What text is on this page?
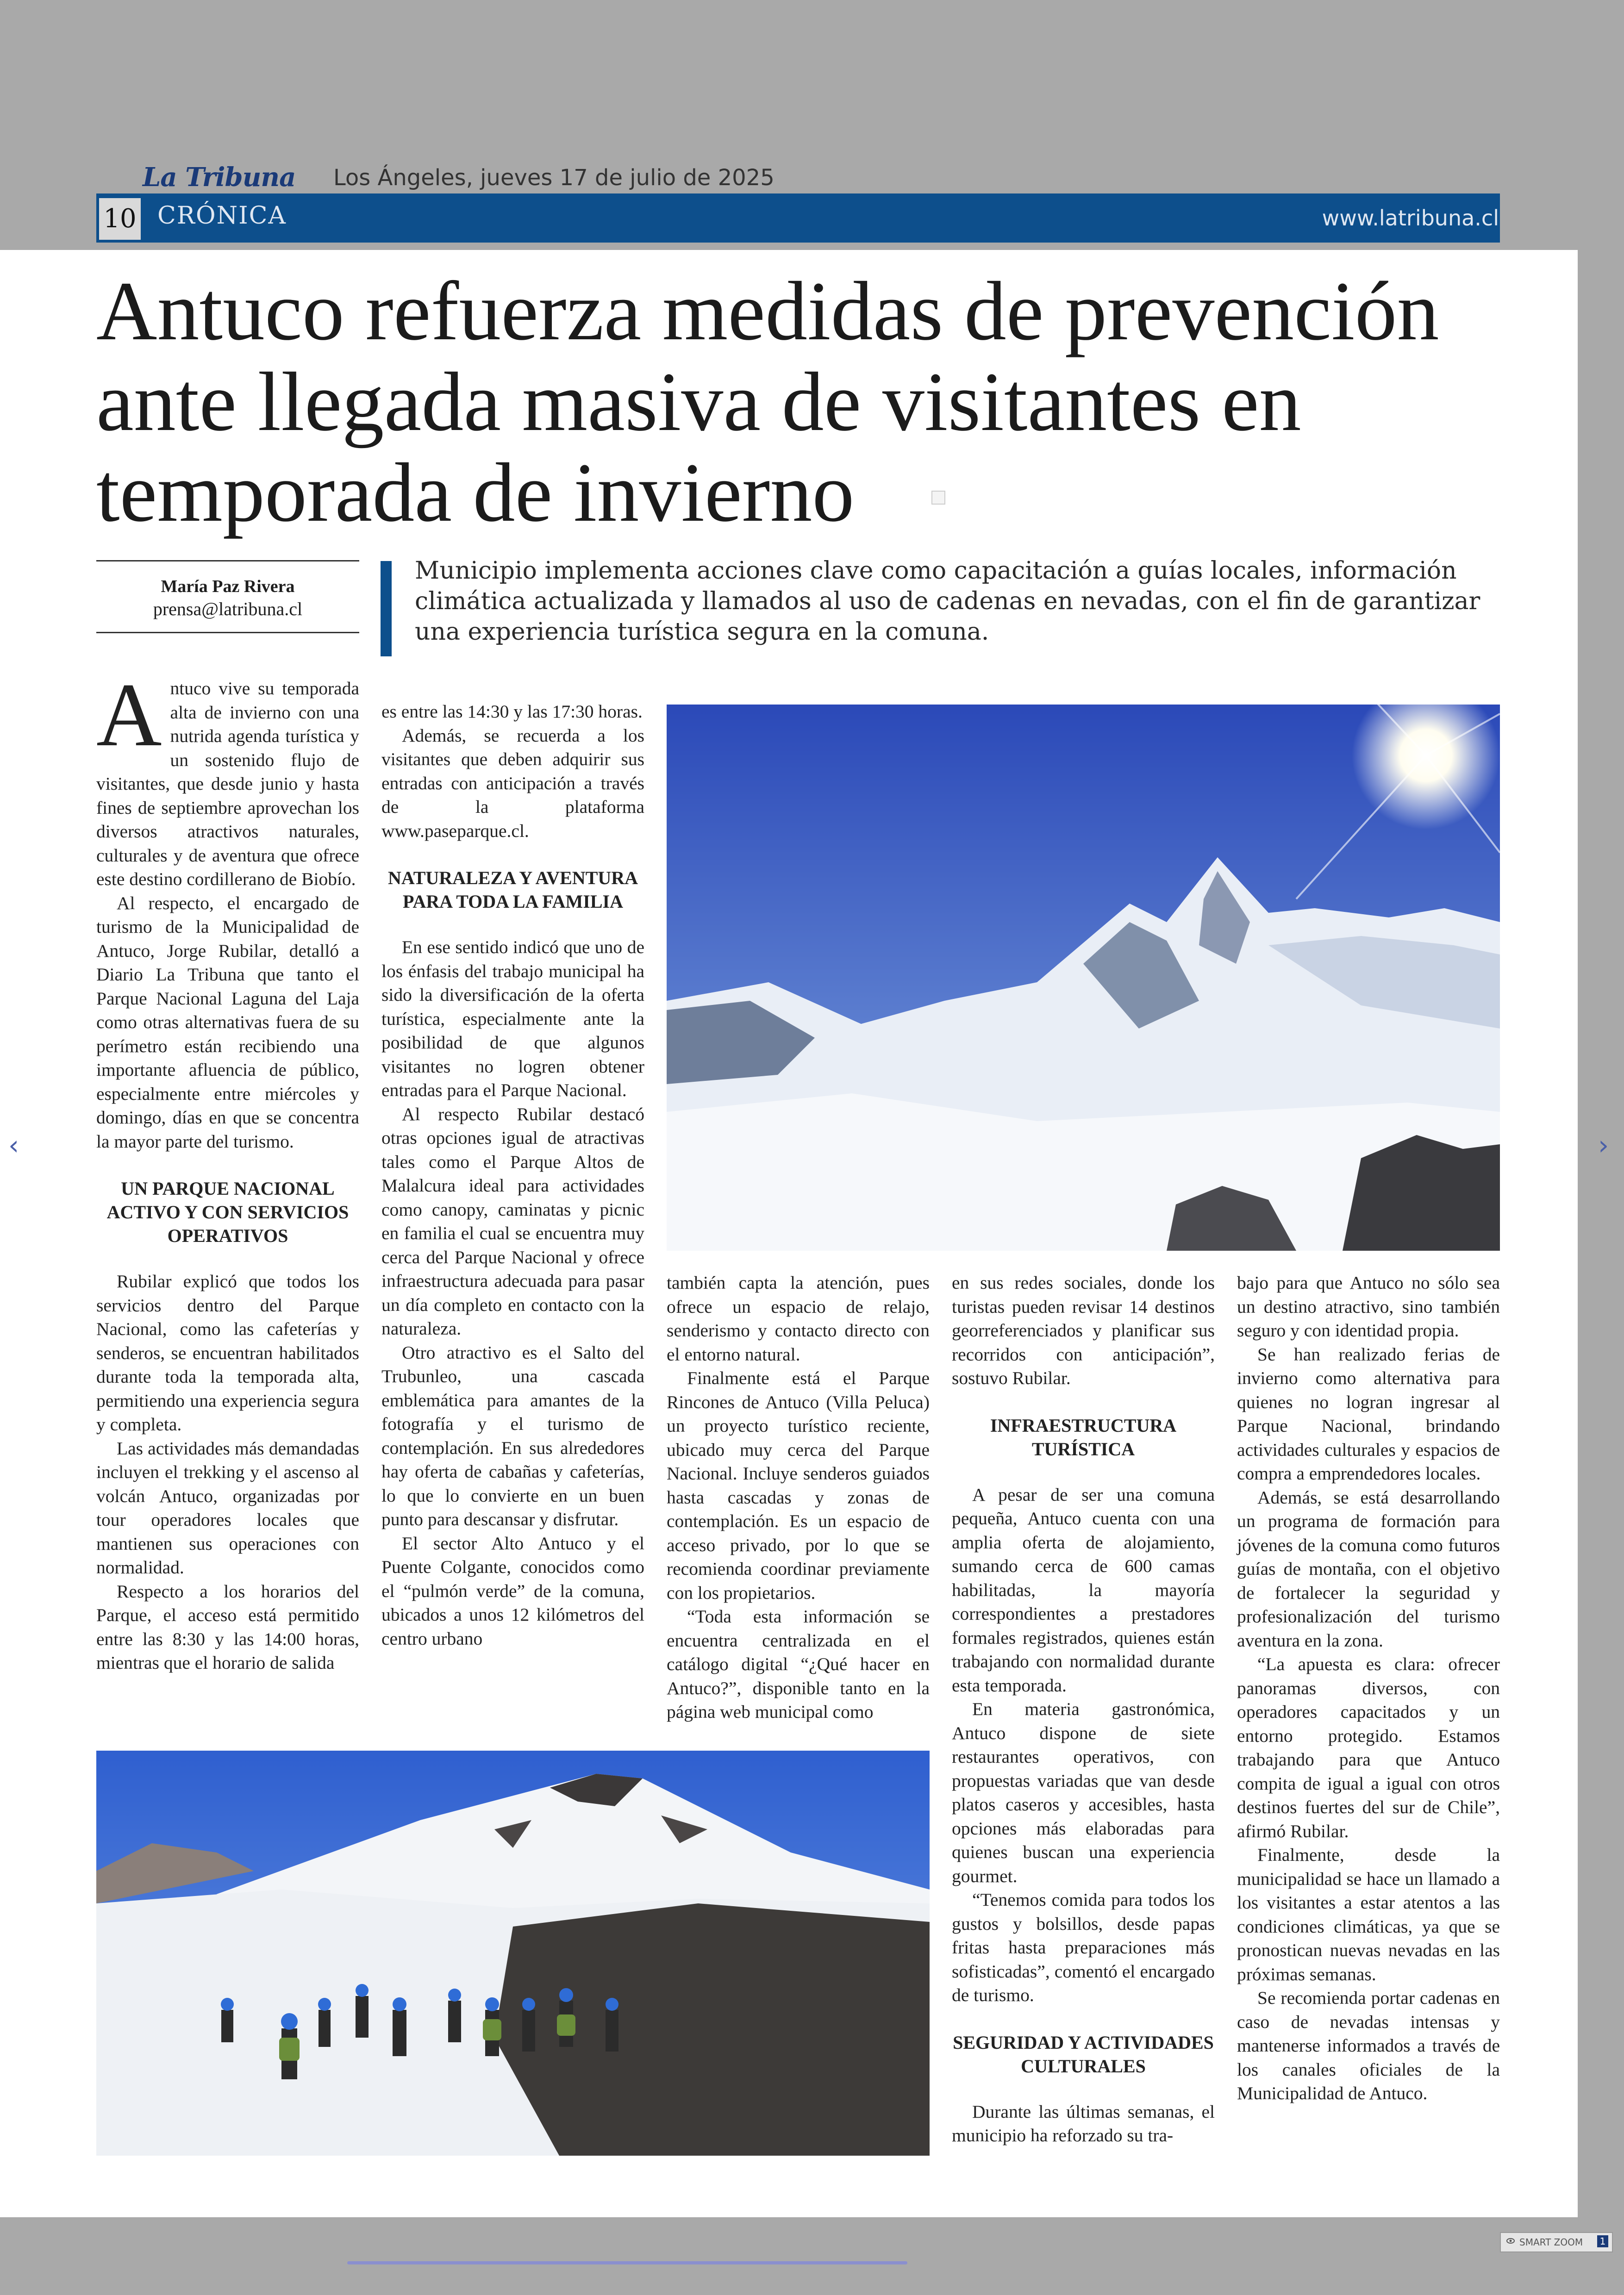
La Tribuna Los Ángeles, jueves 17 de julio de 2025
10 CRÓNICA	www.latribuna.cl
Antuco refuerza medidas de prevención ante llegada masiva de visitantes en temporada de invierno
María Paz Rivera
prensa@latribuna.cl
Municipio implementa acciones clave como capacitación a guías locales, información climática actualizada y llamados al uso de cadenas en nevadas, con el fin de garantizar una experiencia turística segura en la comuna.

Antuco vive su temporada alta de invierno con una nutrida agenda turística y un sostenido flujo de visitantes, que desde junio y hasta fines de septiembre aprovechan los diversos atractivos naturales, culturales y de aventura que ofrece este destino cordillerano de Biobío.

Al respecto, el encargado de turismo de la Municipalidad de Antuco, Jorge Rubilar, detalló a Diario La Tribuna que tanto el Parque Nacional Laguna del Laja como otras alternativas fuera de su perímetro están recibiendo una importante afluencia de público, especialmente entre miércoles y domingo, días en que se concentra la mayor parte del turismo.

UN PARQUE NACIONAL ACTIVO Y CON SERVICIOS OPERATIVOS

Rubilar explicó que todos los servicios dentro del Parque Nacional, como las cafeterías y senderos, se encuentran habilitados durante toda la temporada alta, permitiendo una experiencia segura y completa.

Las actividades más demandadas incluyen el trekking y el ascenso al volcán Antuco, organizadas por tour operadores locales que mantienen sus operaciones con normalidad.

Respecto a los horarios del Parque, el acceso está permitido entre las 8:30 y las 14:00 horas, mientras que el horario de salida

es entre las 14:30 y las 17:30 horas.

Además, se recuerda a los visitantes que deben adquirir sus entradas con anticipación a través de la plataforma www.paseparque.cl.

NATURALEZA Y AVENTURA PARA TODA LA FAMILIA

En ese sentido indicó que uno de los énfasis del trabajo municipal ha sido la diversificación de la oferta turística, especialmente ante la posibilidad de que algunos visitantes no logren obtener entradas para el Parque Nacional.

Al respecto Rubilar destacó otras opciones igual de atractivas tales como el Parque Altos de Malalcura ideal para actividades como canopy, caminatas y picnic en familia el cual se encuentra muy cerca del Parque Nacional y ofrece infraestructura adecuada para pasar un día completo en contacto con la naturaleza.

Otro atractivo es el Salto del Trubunleo, una cascada emblemática para amantes de la fotografía y el turismo de contemplación. En sus alrededores hay oferta de cabañas y cafeterías, lo que lo convierte en un buen punto para descansar y disfrutar.

El sector Alto Antuco y el Puente Colgante, conocidos como el “pulmón verde” de la comuna, ubicados a unos 12 kilómetros del centro urbano

también capta la atención, pues ofrece un espacio de relajo, senderismo y contacto directo con el entorno natural.

Finalmente está el Parque Rincones de Antuco (Villa Peluca) un proyecto turístico reciente, ubicado muy cerca del Parque Nacional. Incluye senderos guiados hasta cascadas y zonas de contemplación. Es un espacio de acceso privado, por lo que se recomienda coordinar previamente con los propietarios.

“Toda esta información se encuentra centralizada en el catálogo digital “¿Qué hacer en Antuco?”, disponible tanto en la página web municipal como

en sus redes sociales, donde los turistas pueden revisar 14 destinos georreferenciados y planificar sus recorridos con anticipación”, sostuvo Rubilar.

INFRAESTRUCTURA TURÍSTICA

A pesar de ser una comuna pequeña, Antuco cuenta con una amplia oferta de alojamiento, sumando cerca de 600 camas habilitadas, la mayoría correspondientes a prestadores formales registrados, quienes están trabajando con normalidad durante esta temporada.

En materia gastronómica, Antuco dispone de siete restaurantes operativos, con propuestas variadas que van desde platos caseros y accesibles, hasta opciones más elaboradas para quienes buscan una experiencia gourmet.

“Tenemos comida para todos los gustos y bolsillos, desde papas fritas hasta preparaciones más sofisticadas”, comentó el encargado de turismo.

SEGURIDAD Y ACTIVIDADES CULTURALES

Durante las últimas semanas, el municipio ha reforzado su tra-

bajo para que Antuco no sólo sea un destino atractivo, sino también seguro y con identidad propia.

Se han realizado ferias de invierno como alternativa para quienes no logran ingresar al Parque Nacional, brindando actividades culturales y espacios de compra a emprendedores locales.

Además, se está desarrollando un programa de formación para jóvenes de la comuna como futuros guías de montaña, con el objetivo de fortalecer la seguridad y profesionalización del turismo aventura en la zona.

“La apuesta es clara: ofrecer panoramas diversos, con operadores capacitados y un entorno protegido. Estamos trabajando para que Antuco compita de igual a igual con otros destinos fuertes del sur de Chile”, afirmó Rubilar.

Finalmente, desde la municipalidad se hace un llamado a los visitantes a estar atentos a las condiciones climáticas, ya que se pronostican nuevas nevadas en las próximas semanas.

Se recomienda portar cadenas en caso de nevadas intensas y mantenerse informados a través de los canales oficiales de la Municipalidad de Antuco.

‹	›
SMART ZOOM 1
